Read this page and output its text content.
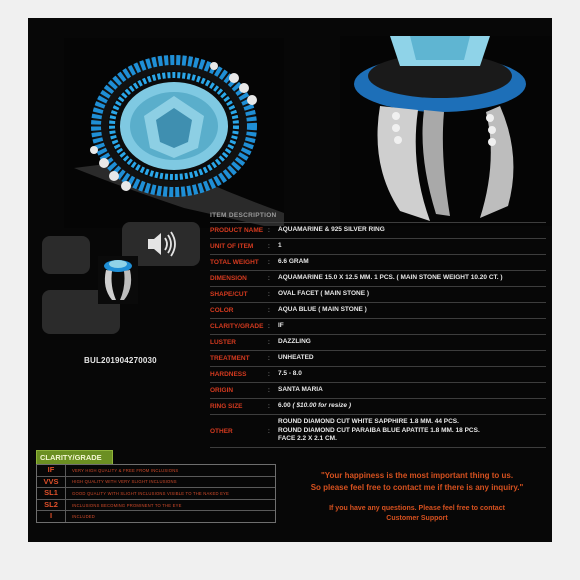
BUL201904270030
ITEM DESCRIPTION
PRODUCT NAME :	AQUAMARINE & 925 SILVER RING
UNIT OF ITEM	:	1
TOTAL WEIGHT	:	6.6 GRAM
DIMENSION	:	AQUAMARINE 15.0 X 12.5 MM. 1 PCS. ( MAIN STONE WEIGHT 10.20 CT. )
SHAPE/CUT	:	OVAL FACET ( MAIN STONE )
COLOR	:	AQUA BLUE ( MAIN STONE )
CLARITY/GRADE :	IF
LUSTER	:	DAZZLING
TREATMENT	:	UNHEATED
HARDNESS	:	7.5 - 8.0
ORIGIN	:	SANTA MARIA
RING SIZE	:	6.00 ( $10.00 for resize )
OTHER	:
ROUND DIAMOND CUT WHITE SAPPHIRE 1.8 MM. 44 PCS.
ROUND DIAMOND CUT PARAIBA BLUE APATITE 1.8 MM. 18 PCS.
FACE 2.2 X 2.1 CM.
CLARITY/GRADE
IF	VERY HIGH QUALITY & FREE FROM INCLUSIONS
VVS	HIGH QUALITY WITH VERY SLIGHT INCLUSIONS
SL1	GOOD QUALITY WITH SLIGHT INCLUSIONS VISIBLE TO THE NAKED EYE
SL2	INCLUSIONS BECOMING PROMINENT TO THE EYE
I	INCLUDED
"Your happiness is the most important thing to us.
So please feel free to contact me if there is any inquiry."
If you have any questions. Please feel free to contact
Customer Support
